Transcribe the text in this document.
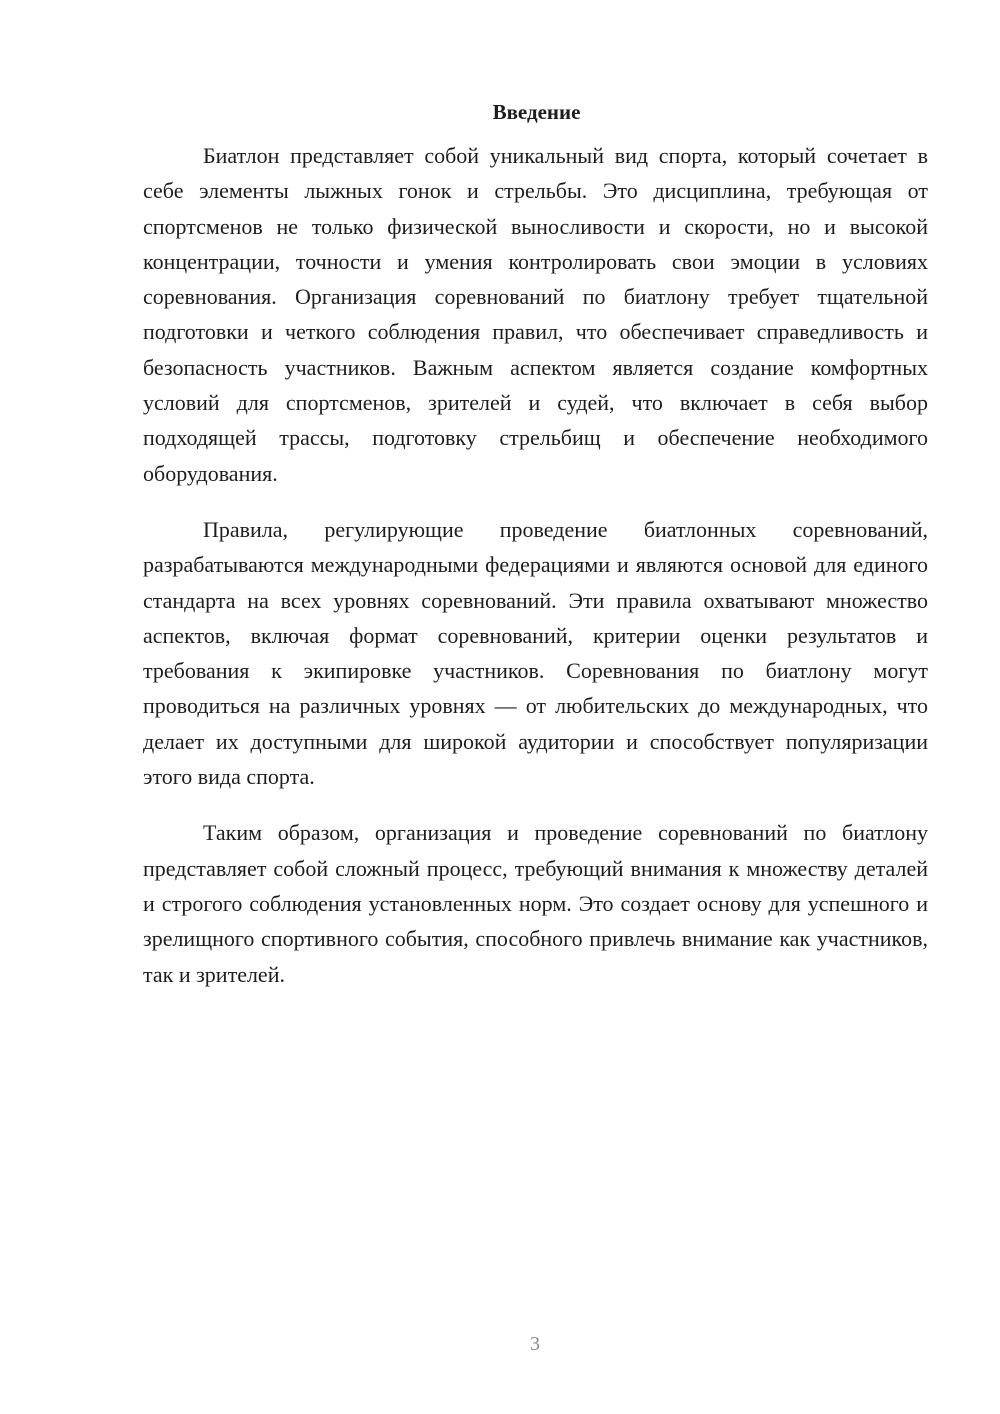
Введение

Биатлон представляет собой уникальный вид спорта, который сочетает в себе элементы лыжных гонок и стрельбы. Это дисциплина, требующая от спортсменов не только физической выносливости и скорости, но и высокой концентрации, точности и умения контролировать свои эмоции в условиях соревнования. Организация соревнований по биатлону требует тщательной подготовки и четкого соблюдения правил, что обеспечивает справедливость и безопасность участников. Важным аспектом является создание комфортных условий для спортсменов, зрителей и судей, что включает в себя выбор подходящей трассы, подготовку стрельбищ и обеспечение необходимого оборудования.

Правила, регулирующие проведение биатлонных соревнований, разрабатываются международными федерациями и являются основой для единого стандарта на всех уровнях соревнований. Эти правила охватывают множество аспектов, включая формат соревнований, критерии оценки результатов и требования к экипировке участников. Соревнования по биатлону могут проводиться на различных уровнях — от любительских до международных, что делает их доступными для широкой аудитории и способствует популяризации этого вида спорта.

Таким образом, организация и проведение соревнований по биатлону представляет собой сложный процесс, требующий внимания к множеству деталей и строгого соблюдения установленных норм. Это создает основу для успешного и зрелищного спортивного события, способного привлечь внимание как участников, так и зрителей.

3
